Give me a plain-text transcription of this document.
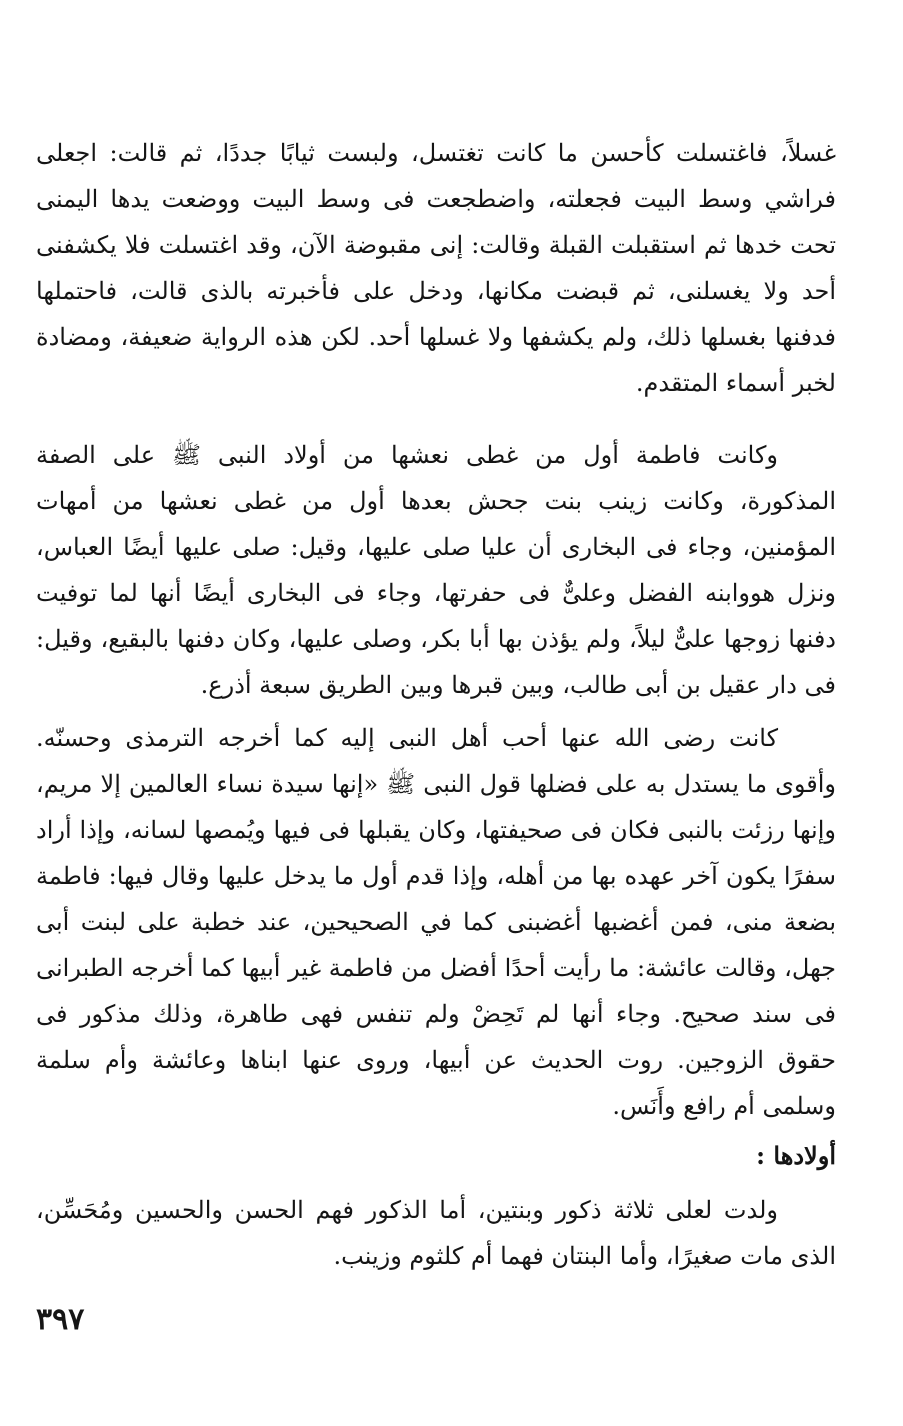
غسلاً، فاغتسلت كأحسن ما كانت تغتسل، ولبست ثيابًا جددًا، ثم قالت: اجعلى فراشي وسط البيت فجعلته، واضطجعت فى وسط البيت ووضعت يدها اليمنى تحت خدها ثم استقبلت القبلة وقالت: إنى مقبوضة الآن، وقد اغتسلت فلا يكشفنى أحد ولا يغسلنى، ثم قبضت مكانها، ودخل على فأخبرته بالذى قالت، فاحتملها فدفنها بغسلها ذلك، ولم يكشفها ولا غسلها أحد. لكن هذه الرواية ضعيفة، ومضادة لخبر أسماء المتقدم.

وكانت فاطمة أول من غطى نعشها من أولاد النبى ﷺ على الصفة المذكورة، وكانت زينب بنت جحش بعدها أول من غطى نعشها من أمهات المؤمنين، وجاء فى البخارى أن عليا صلى عليها، وقيل: صلى عليها أيضًا العباس، ونزل هووابنه الفضل وعلىٌّ فى حفرتها، وجاء فى البخارى أيضًا أنها لما توفيت دفنها زوجها علىٌّ ليلاً، ولم يؤذن بها أبا بكر، وصلى عليها، وكان دفنها بالبقيع، وقيل: فى دار عقيل بن أبى طالب، وبين قبرها وبين الطريق سبعة أذرع.

كانت رضى الله عنها أحب أهل النبى إليه كما أخرجه الترمذى وحسنّه. وأقوى ما يستدل به على فضلها قول النبى ﷺ «إنها سيدة نساء العالمين إلا مريم، وإنها رزئت بالنبى فكان فى صحيفتها، وكان يقبلها فى فيها ويُمصها لسانه، وإذا أراد سفرًا يكون آخر عهده بها من أهله، وإذا قدم أول ما يدخل عليها وقال فيها: فاطمة بضعة منى، فمن أغضبها أغضبنى كما في الصحيحين، عند خطبة على لبنت أبى جهل، وقالت عائشة: ما رأيت أحدًا أفضل من فاطمة غير أبيها كما أخرجه الطبرانى فى سند صحيح. وجاء أنها لم تَحِضْ ولم تنفس فهى طاهرة، وذلك مذكور فى حقوق الزوجين. روت الحديث عن أبيها، وروى عنها ابناها وعائشة وأم سلمة وسلمى أم رافع وأَنَس.

أولادها :

ولدت لعلى ثلاثة ذكور وبنتين، أما الذكور فهم الحسن والحسين ومُحَسِّن، الذى مات صغيرًا، وأما البنتان فهما أم كلثوم وزينب.

٣٩٧
